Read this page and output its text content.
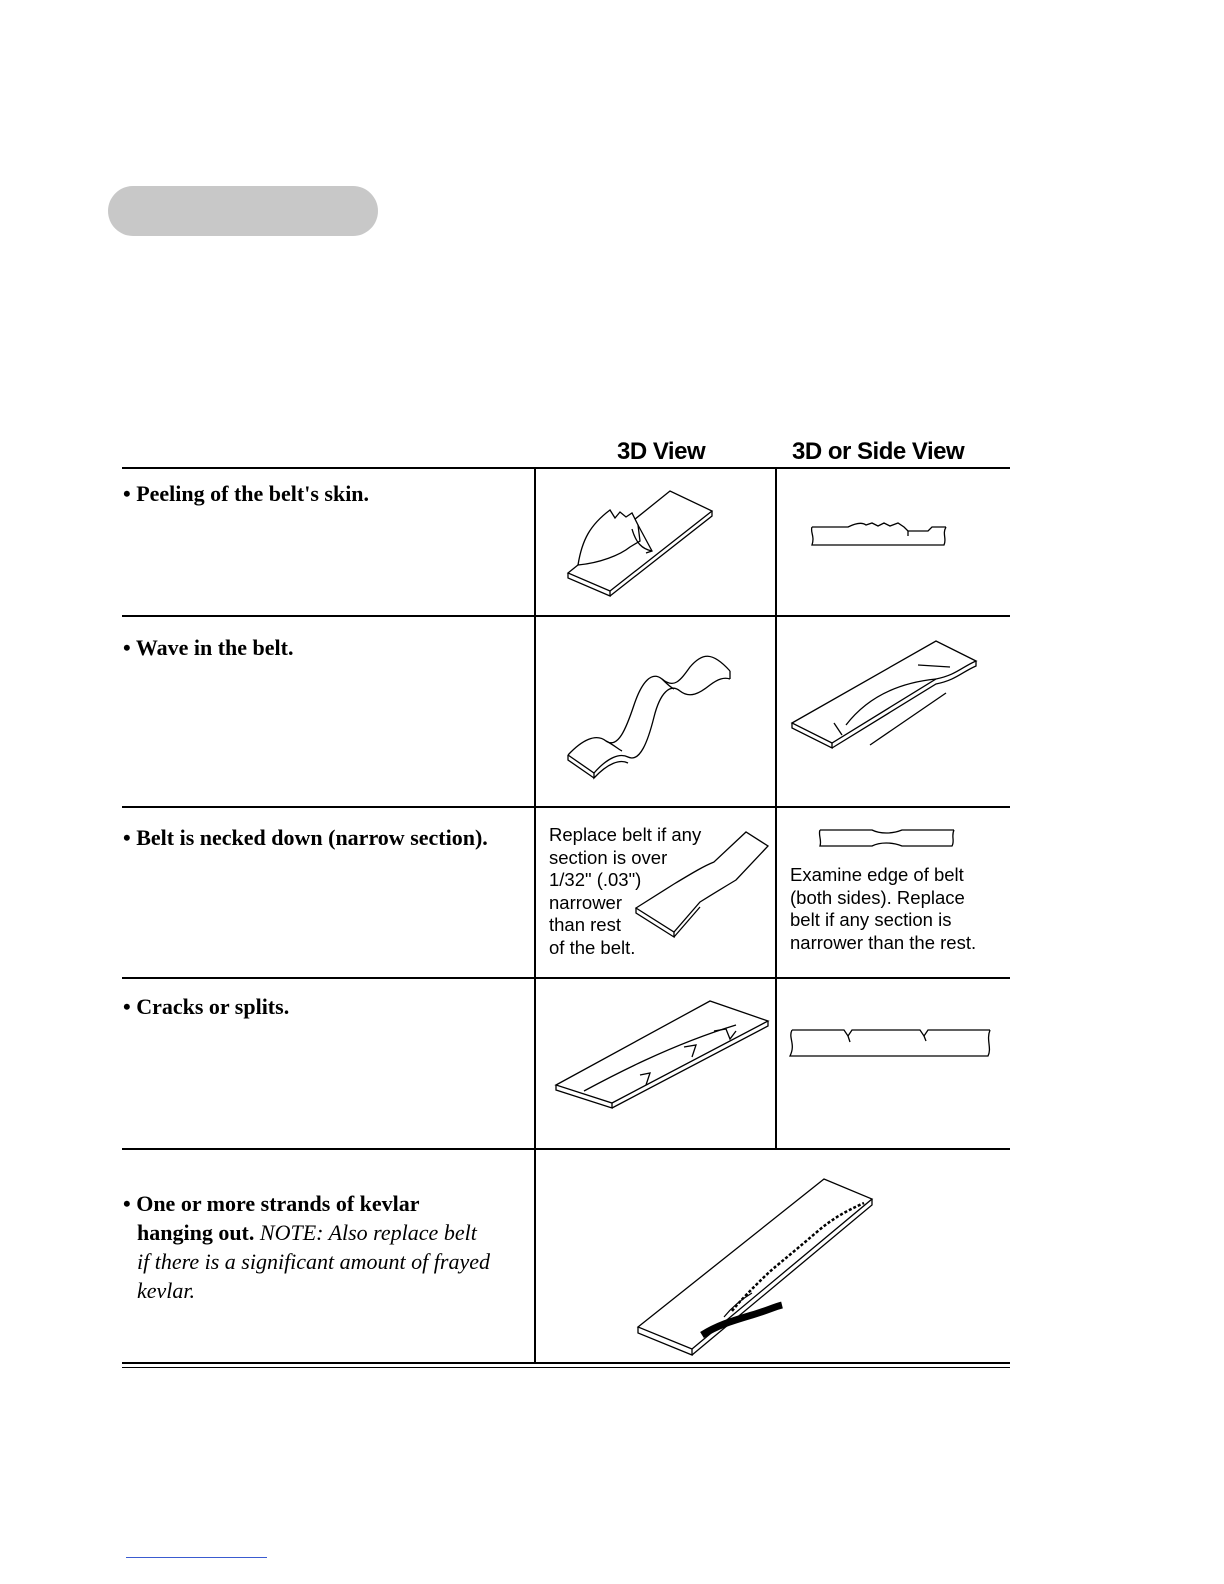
3D View	3D or Side View
• Peeling of the belt's skin.
• Wave in the belt.
• Belt is necked down (narrow section).	Replace belt if any
section is over
1/32" (.03")
narrower
than rest
of the belt.
Examine edge of belt
(both sides). Replace
belt if any section is
narrower than the rest.
• Cracks or splits.
• One or more strands of kevlar
hanging out. NOTE: Also replace belt
if there is a significant amount of frayed
kevlar.
